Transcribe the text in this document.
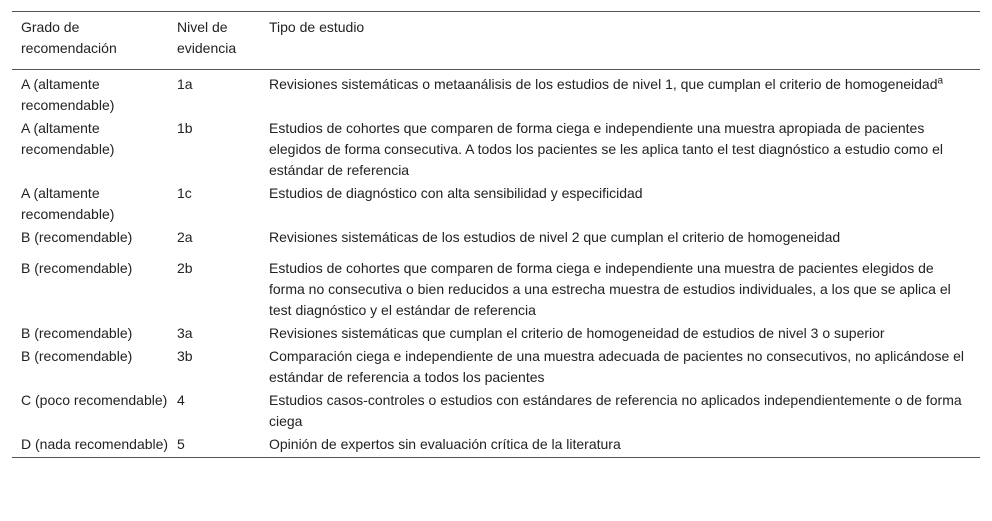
Grado de recomendación	Nivel de evidencia	Tipo de estudio
A (altamente recomendable)	1a	Revisiones sistemáticas o metaanálisis de los estudios de nivel 1, que cumplan el criterio de homogeneidad$^a$
A (altamente recomendable)	1b	Estudios de cohortes que comparen de forma ciega e independiente una muestra apropiada de pacientes elegidos de forma consecutiva. A todos los pacientes se les aplica tanto el test diagnóstico a estudio como el estándar de referencia
A (altamente recomendable)	1c	Estudios de diagnóstico con alta sensibilidad y especificidad
B (recomendable)	2a	Revisiones sistemáticas de los estudios de nivel 2 que cumplan el criterio de homogeneidad
B (recomendable)	2b	Estudios de cohortes que comparen de forma ciega e independiente una muestra de pacientes elegidos de forma no consecutiva o bien reducidos a una estrecha muestra de estudios individuales, a los que se aplica el test diagnóstico y el estándar de referencia
B (recomendable)	3a	Revisiones sistemáticas que cumplan el criterio de homogeneidad de estudios de nivel 3 o superior
B (recomendable)	3b	Comparación ciega e independiente de una muestra adecuada de pacientes no consecutivos, no aplicándose el estándar de referencia a todos los pacientes
C (poco recomendable)	4	Estudios casos-controles o estudios con estándares de referencia no aplicados independientemente o de forma ciega
D (nada recomendable)	5	Opinión de expertos sin evaluación crítica de la literatura
